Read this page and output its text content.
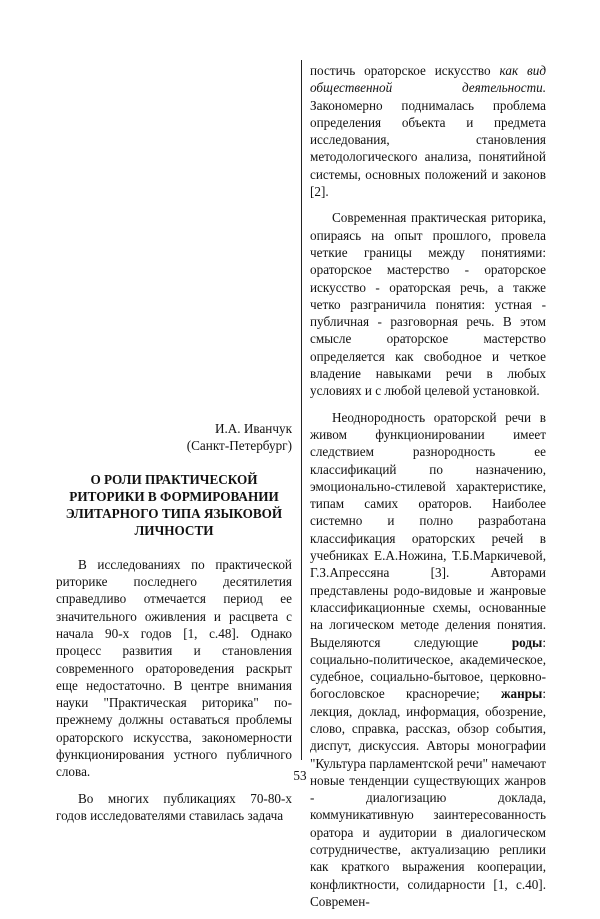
И.А. Иванчук

(Санкт-Петербург)

О РОЛИ ПРАКТИЧЕСКОЙ
РИТОРИКИ В ФОРМИРОВАНИИ
ЭЛИТАРНОГО ТИПА ЯЗЫКОВОЙ
ЛИЧНОСТИ

В исследованиях по практической риторике последнего десятилетия справедливо отмечается период ее значительного оживления и расцвета с начала 90-х годов [1, с.48]. Однако процесс развития и становления современного оратороведения раскрыт еще недостаточно. В центре внимания науки "Практическая риторика" по-прежнему должны оставаться проблемы ораторского искусства, закономерности функционирования устного публичного слова.

Во многих публикациях 70-80-х годов исследователями ставилась задача

постичь ораторское искусство как вид общественной деятельности. Закономерно поднималась проблема определения объекта и предмета исследования, становления методологического анализа, понятийной системы, основных положений и законов [2].

Современная практическая риторика, опираясь на опыт прошлого, провела четкие границы между понятиями: ораторское мастерство - ораторское искусство - ораторская речь, а также четко разграничила понятия: устная - публичная - разговорная речь. В этом смысле ораторское мастерство определяется как свободное и четкое владение навыками речи в любых условиях и с любой целевой установкой.

Неоднородность ораторской речи в живом функционировании имеет следствием разнородность ее классификаций по назначению, эмоционально-стилевой характеристике, типам самих ораторов. Наиболее системно и полно разработана классификация ораторских речей в учебниках Е.А.Ножина, Т.Б.Маркичевой, Г.З.Апрессяна [3]. Авторами представлены родо-видовые и жанровые классификационные схемы, основанные на логическом методе деления понятия. Выделяются следующие роды: социально-политическое, академическое, судебное, социально-бытовое, церковно-богословское красноречие; жанры: лекция, доклад, информация, обозрение, слово, справка, рассказ, обзор события, диспут, дискуссия. Авторы монографии "Культура парламентской речи" намечают новые тенденции существующих жанров - диалогизацию доклада, коммуникативную заинтересованность оратора и аудитории в диалогическом сотрудничестве, актуализацию реплики как краткого выражения кооперации, конфликтности, солидарности [1, с.40]. Современ-

53
